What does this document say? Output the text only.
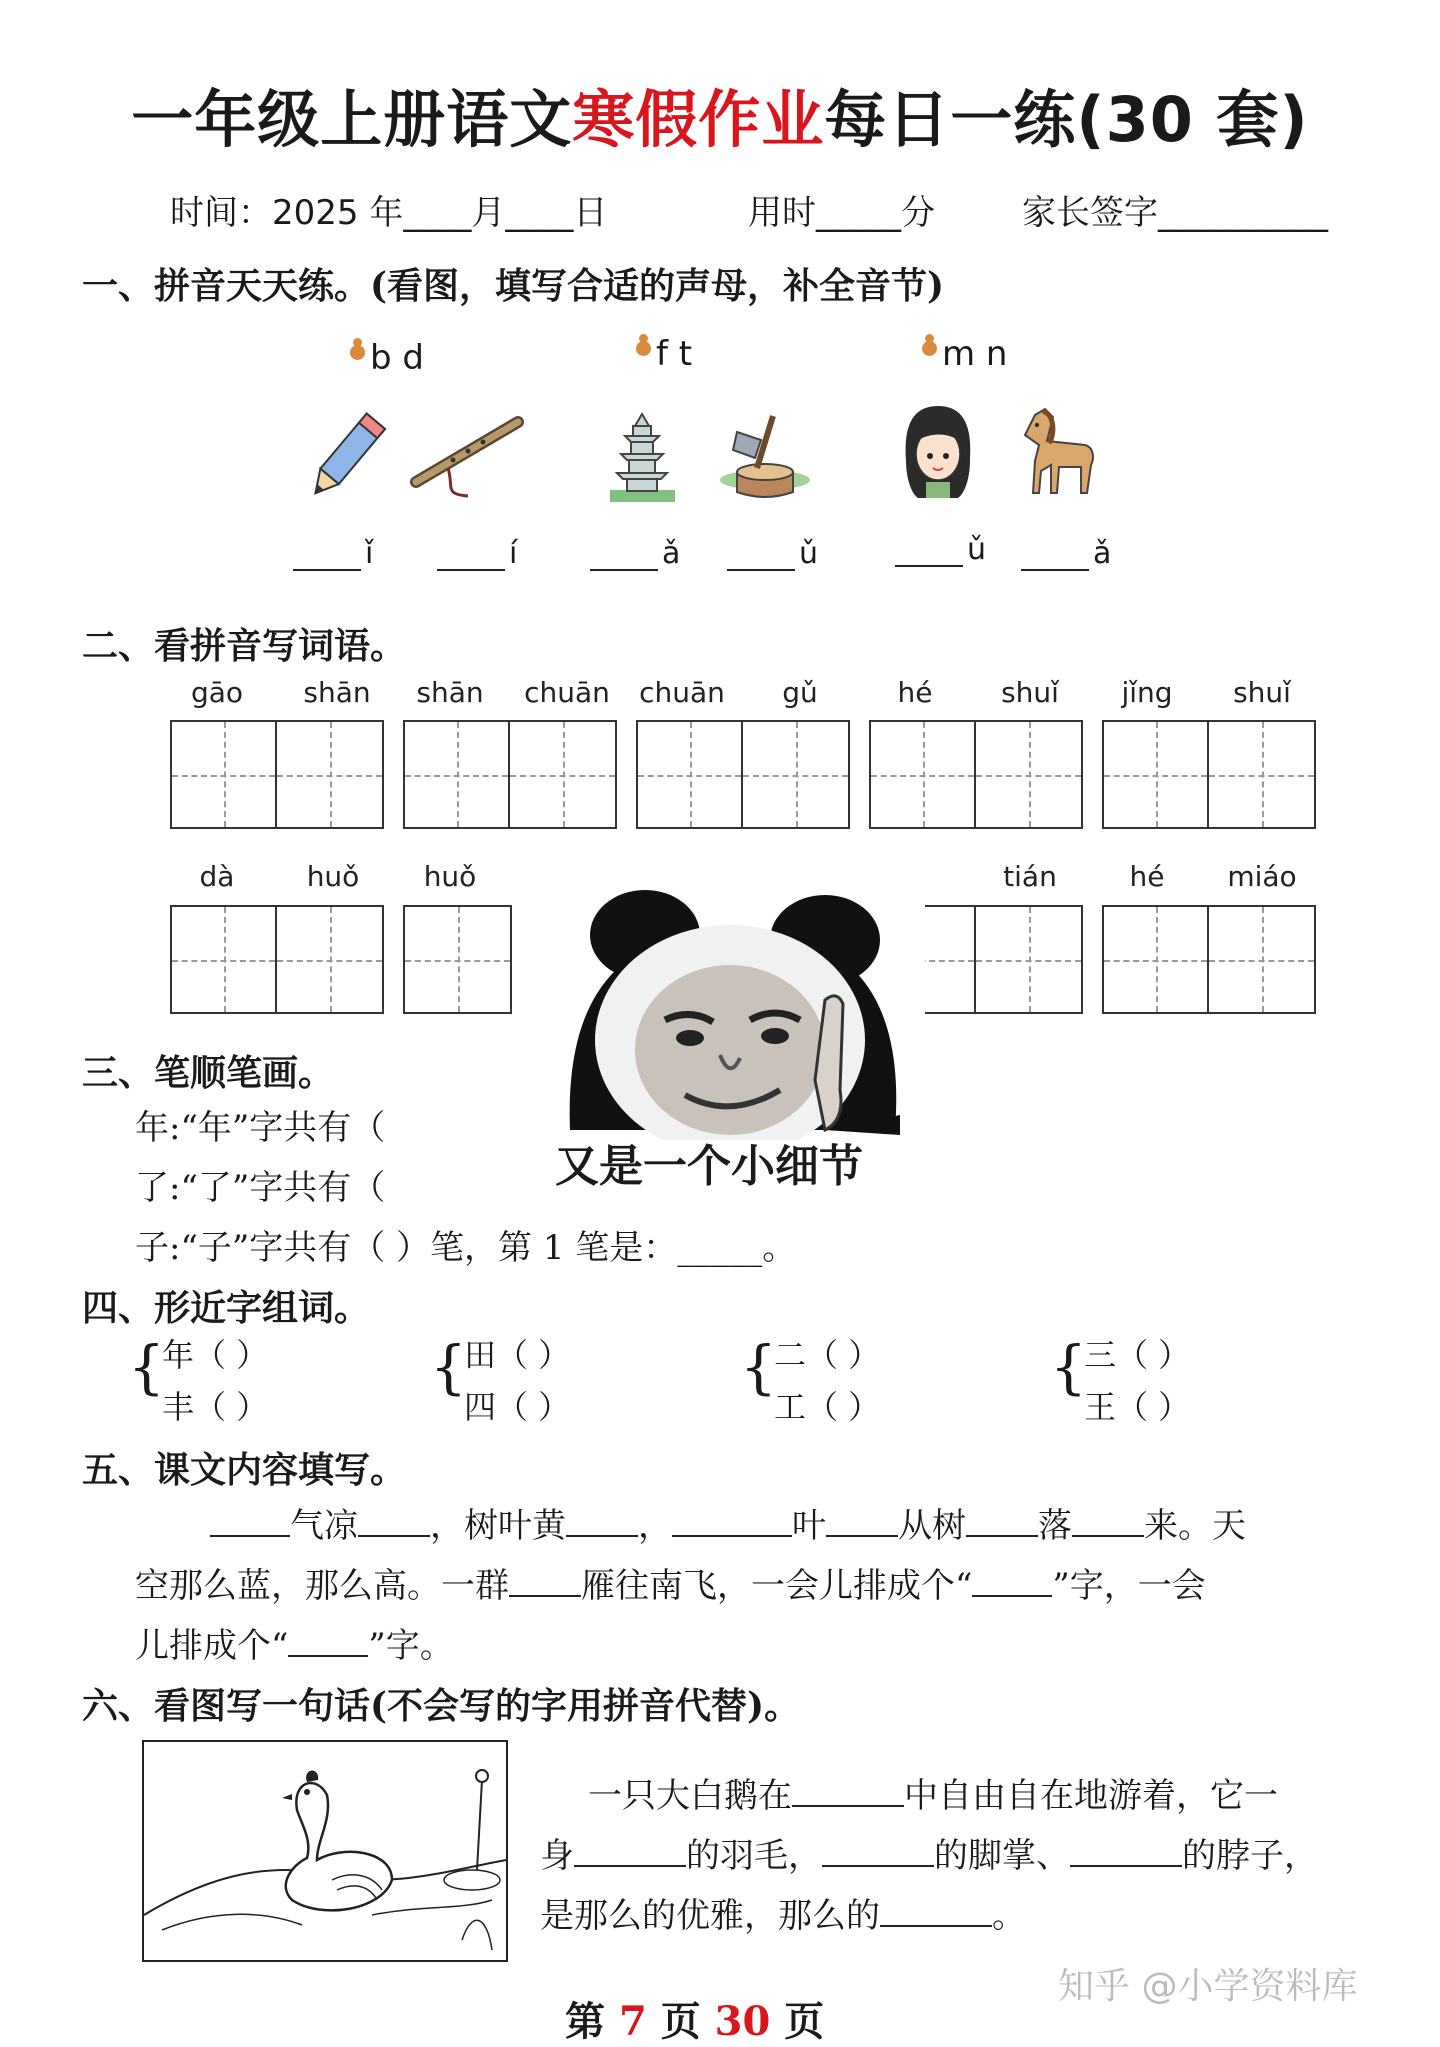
一年级上册语文寒假作业每日一练(30 套)
时间：2025 年____月____日	用时_____分	家长签字__________
一、拼音天天练。(看图，填写合适的声母，补全音节)
b d	f t	m n
ǐ	í	ǎ	ǔ	ǔ	ǎ
二、看拼音写词语。
gāo	shān	shān	chuān chuān	gǔ	hé	shuǐ	jǐng	shuǐ
dà	huǒ	huǒ	tián	hé	miáo
又是一个小细节
三、笔顺笔画。
年:“年”字共有（
了:“了”字共有（
子:“子”字共有（ ）笔，第 1 笔是：_____。
四、形近字组词。
{
年（ ）
丰（ ）
{
田（ ）
四（ ）
{
二（ ）
工（ ）
{
三（ ）
王（ ）
五、课文内容填写。
气凉 ，树叶黄 ，	叶 从树 落 来。天
空那么蓝，那么高。一群 雁往南飞，一会儿排成个“ ”字，一会
儿排成个“ ”字。
六、看图写一句话(不会写的字用拼音代替)。
一只大白鹅在	中自由自在地游着，它一
身	的羽毛，	的脚掌、	的脖子，
是那么的优雅，那么的	。
第 7 页 30 页
知乎 @小学资料库
